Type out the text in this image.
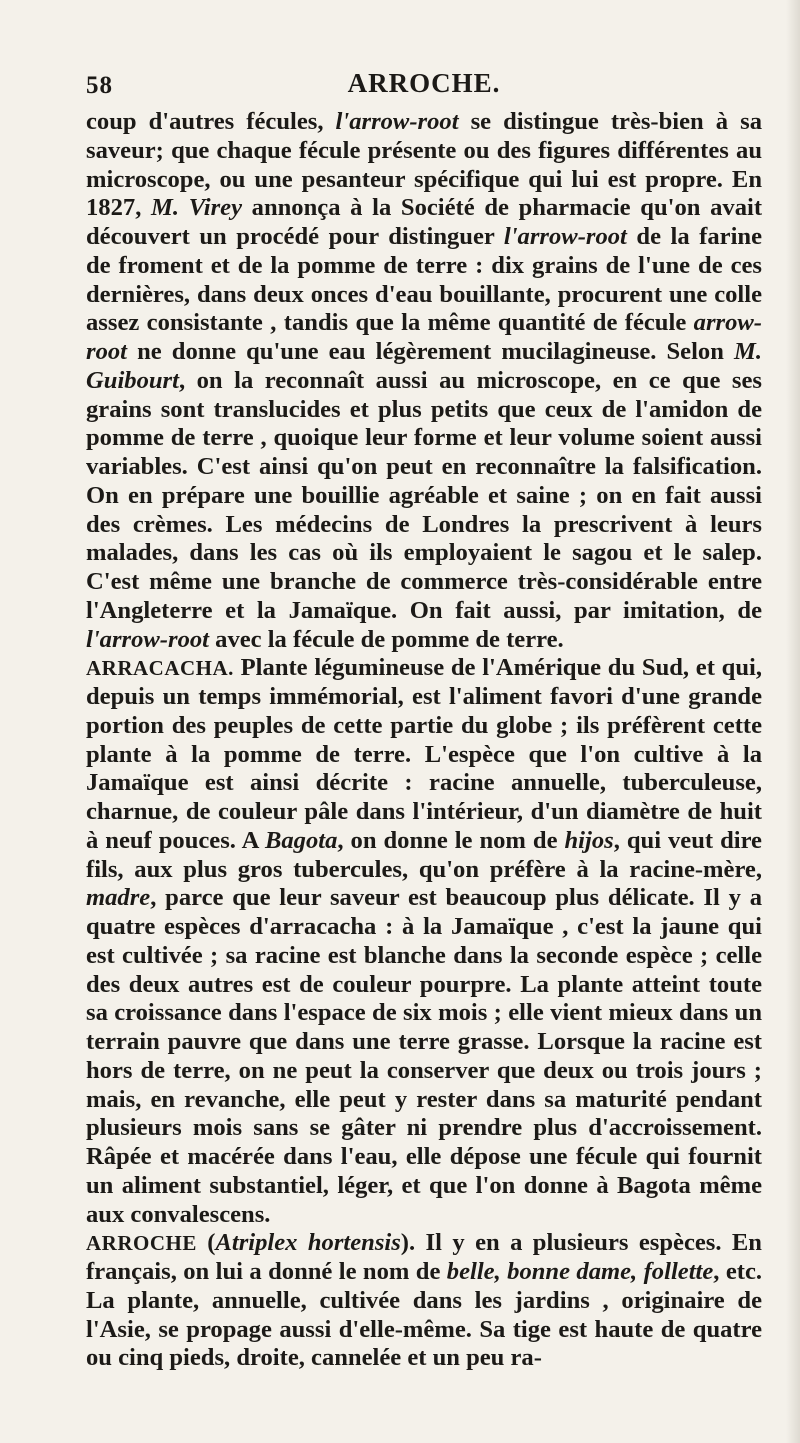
58	ARROCHE.

coup d'autres fécules, l'arrow-root se distingue très-bien à sa saveur; que chaque fécule présente ou des figures différentes au microscope, ou une pesanteur spécifique qui lui est propre. En 1827, M. Virey annonça à la Société de pharmacie qu'on avait découvert un procédé pour distinguer l'arrow-root de la farine de froment et de la pomme de terre : dix grains de l'une de ces dernières, dans deux onces d'eau bouillante, procurent une colle assez consistante , tandis que la même quantité de fécule arrow-root ne donne qu'une eau légèrement mucilagineuse. Selon M. Guibourt, on la reconnaît aussi au microscope, en ce que ses grains sont translucides et plus petits que ceux de l'amidon de pomme de terre , quoique leur forme et leur volume soient aussi variables. C'est ainsi qu'on peut en reconnaître la falsification. On en prépare une bouillie agréable et saine ; on en fait aussi des crèmes. Les médecins de Londres la prescrivent à leurs malades, dans les cas où ils employaient le sagou et le salep. C'est même une branche de commerce très-considérable entre l'Angleterre et la Jamaïque. On fait aussi, par imitation, de l'arrow-root avec la fécule de pomme de terre.

ARRACACHA. Plante légumineuse de l'Amérique du Sud, et qui, depuis un temps immémorial, est l'aliment favori d'une grande portion des peuples de cette partie du globe ; ils préfèrent cette plante à la pomme de terre. L'espèce que l'on cultive à la Jamaïque est ainsi décrite : racine annuelle, tuberculeuse, charnue, de couleur pâle dans l'intérieur, d'un diamètre de huit à neuf pouces. A Bagota, on donne le nom de hijos, qui veut dire fils, aux plus gros tubercules, qu'on préfère à la racine-mère, madre, parce que leur saveur est beaucoup plus délicate. Il y a quatre espèces d'arracacha : à la Jamaïque , c'est la jaune qui est cultivée ; sa racine est blanche dans la seconde espèce ; celle des deux autres est de couleur pourpre. La plante atteint toute sa croissance dans l'espace de six mois ; elle vient mieux dans un terrain pauvre que dans une terre grasse. Lorsque la racine est hors de terre, on ne peut la conserver que deux ou trois jours ; mais, en revanche, elle peut y rester dans sa maturité pendant plusieurs mois sans se gâter ni prendre plus d'accroissement. Râpée et macérée dans l'eau, elle dépose une fécule qui fournit un aliment substantiel, léger, et que l'on donne à Bagota même aux convalescens.

ARROCHE (Atriplex hortensis). Il y en a plusieurs espèces. En français, on lui a donné le nom de belle, bonne dame, follette, etc. La plante, annuelle, cultivée dans les jardins , originaire de l'Asie, se propage aussi d'elle-même. Sa tige est haute de quatre ou cinq pieds, droite, cannelée et un peu ra-
